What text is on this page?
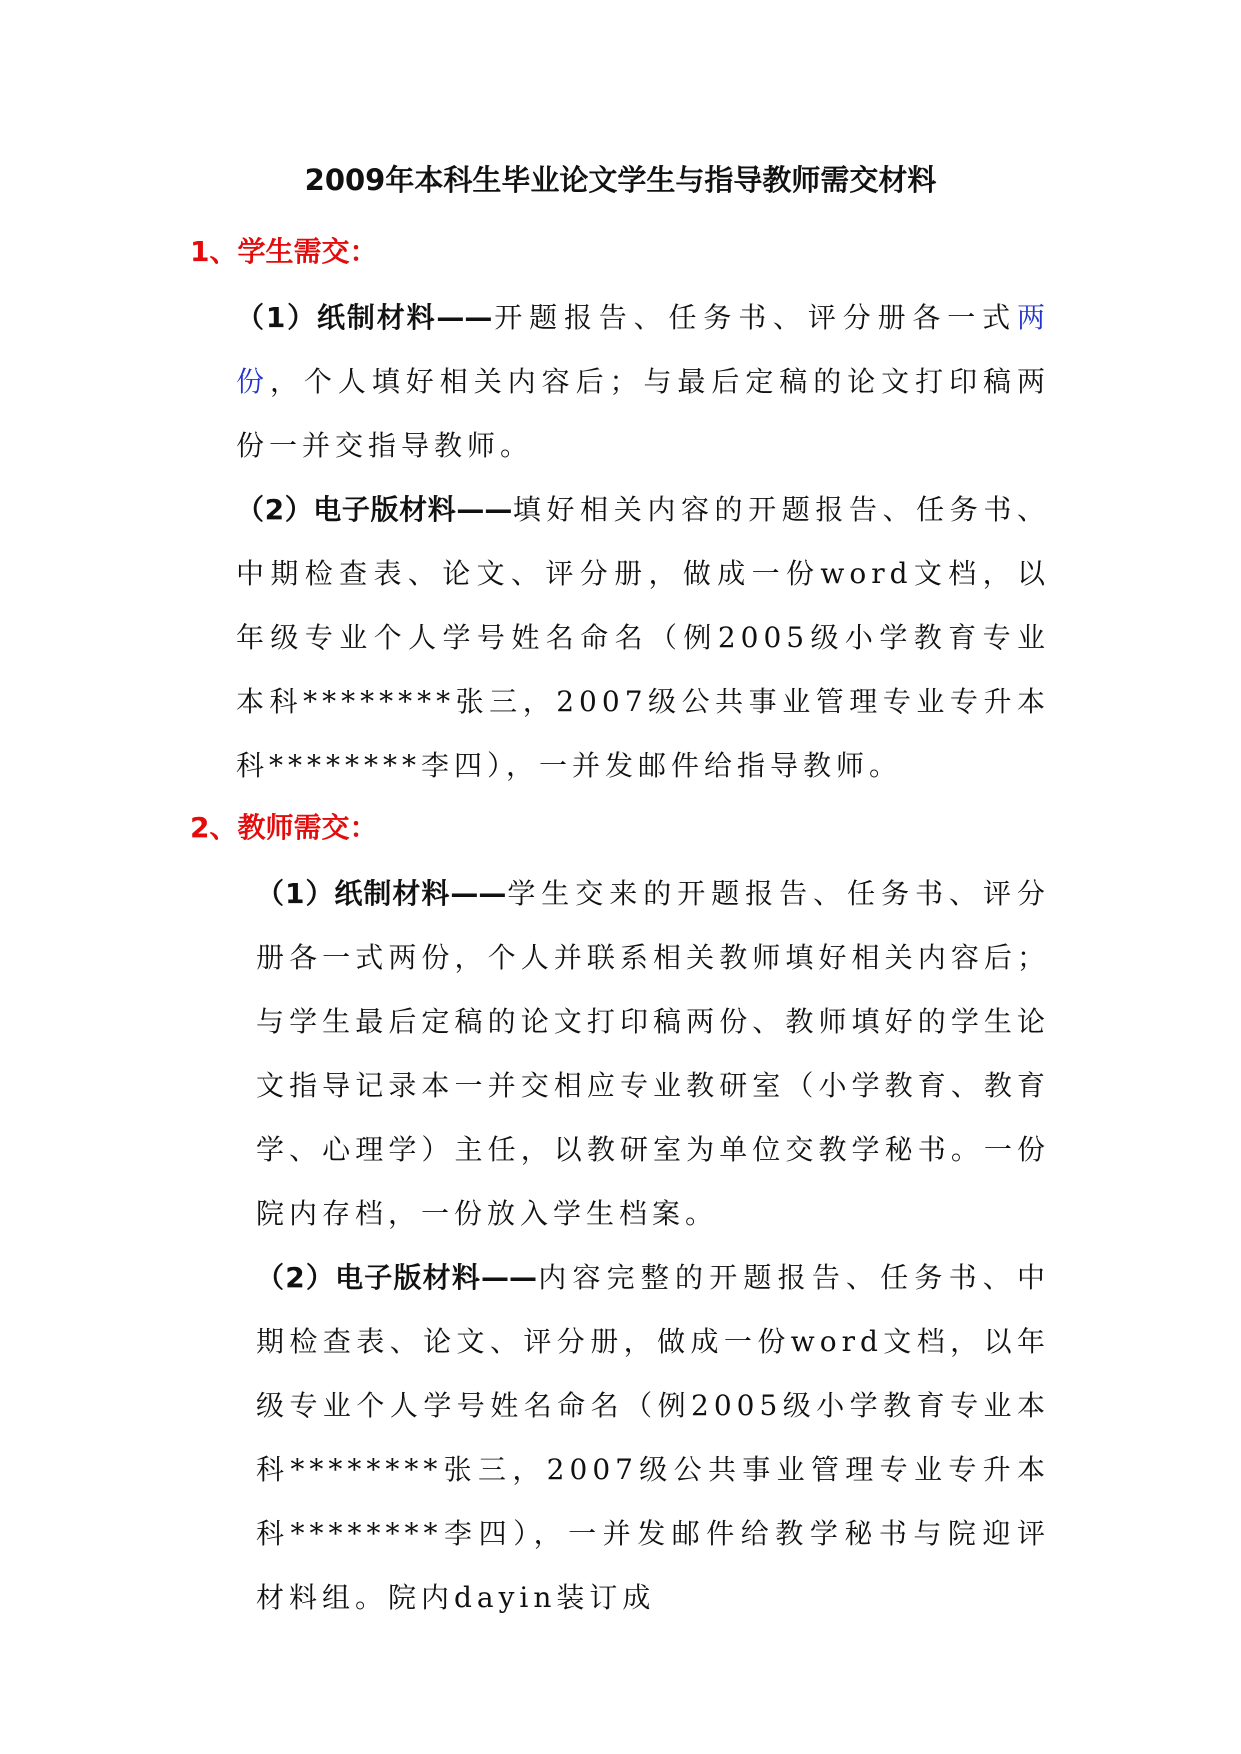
2009年本科生毕业论文学生与指导教师需交材料
1、学生需交：
（1）纸制材料——开题报告、任务书、评分册各一式两份，个人填好相关内容后；与最后定稿的论文打印稿两份一并交指导教师。
（2）电子版材料——填好相关内容的开题报告、任务书、中期检查表、论文、评分册，做成一份word文档，以年级专业个人学号姓名命名（例2005级小学教育专业本科********张三，2007级公共事业管理专业专升本科********李四），一并发邮件给指导教师。
2、教师需交：
（1）纸制材料——学生交来的开题报告、任务书、评分册各一式两份，个人并联系相关教师填好相关内容后；与学生最后定稿的论文打印稿两份、教师填好的学生论文指导记录本一并交相应专业教研室（小学教育、教育学、心理学）主任，以教研室为单位交教学秘书。一份院内存档，一份放入学生档案。
（2）电子版材料——内容完整的开题报告、任务书、中期检查表、论文、评分册，做成一份word文档，以年级专业个人学号姓名命名（例2005级小学教育专业本科********张三，2007级公共事业管理专业专升本科********李四），一并发邮件给教学秘书与院迎评材料组。院内dayin装订成
